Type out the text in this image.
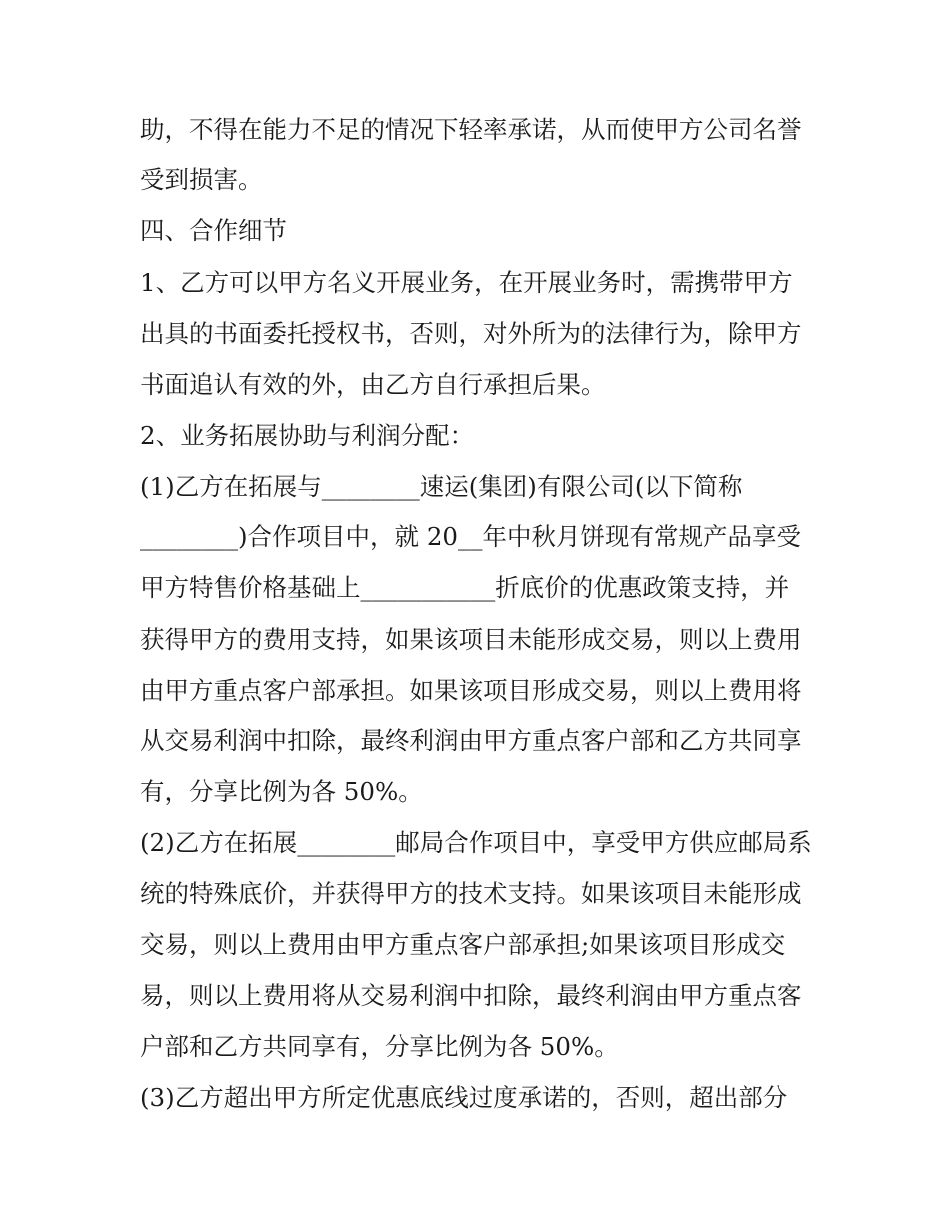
助，不得在能力不足的情况下轻率承诺，从而使甲方公司名誉
受到损害。
四、合作细节
1、乙方可以甲方名义开展业务，在开展业务时，需携带甲方
出具的书面委托授权书，否则，对外所为的法律行为，除甲方
书面追认有效的外，由乙方自行承担后果。
2、业务拓展协助与利润分配：
(1)乙方在拓展与________速运(集团)有限公司(以下简称
________)合作项目中，就 20__年中秋月饼现有常规产品享受
甲方特售价格基础上___________折底价的优惠政策支持，并
获得甲方的费用支持，如果该项目未能形成交易，则以上费用
由甲方重点客户部承担。如果该项目形成交易，则以上费用将
从交易利润中扣除，最终利润由甲方重点客户部和乙方共同享
有，分享比例为各 50%。
(2)乙方在拓展________邮局合作项目中，享受甲方供应邮局系
统的特殊底价，并获得甲方的技术支持。如果该项目未能形成
交易，则以上费用由甲方重点客户部承担;如果该项目形成交
易，则以上费用将从交易利润中扣除，最终利润由甲方重点客
户部和乙方共同享有，分享比例为各 50%。
(3)乙方超出甲方所定优惠底线过度承诺的，否则，超出部分
